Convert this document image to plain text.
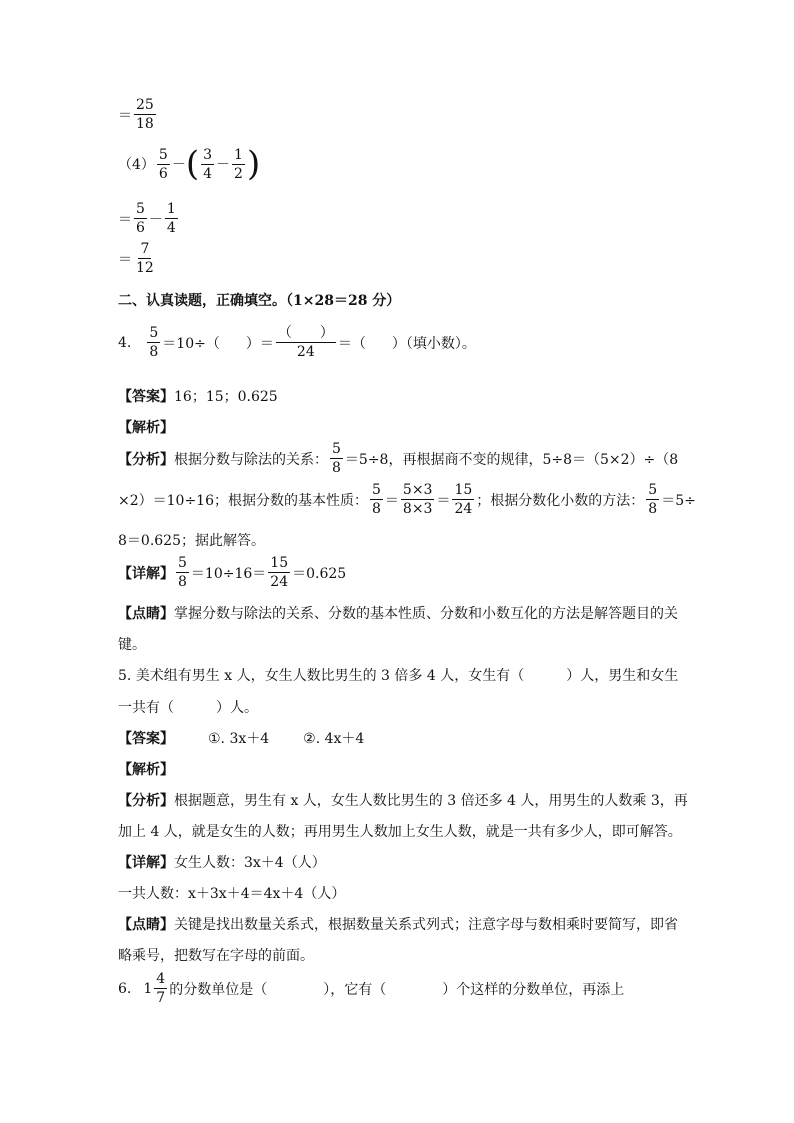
＝ $\frac{25}{18}$
$(4) \frac{5}{6}$ － ( $\frac{3}{4} - \frac{1}{2}$ )
＝ $\frac{5}{6} - \frac{1}{4}$
＝ $\frac{7}{12}$
二、认真读题，正确填空。（1×28＝28 分）
4. $\frac{5}{8} =10\div$（ ）＝ $\frac{( )}{24}$ ＝（ ）（填小数）。
【答案】 16；15；0.625
【解析】
【分析】 根据分数与除法的关系： $\frac{5}{8} =5\div 8$，再根据商不变的规律，5÷8＝（5×2）÷（8
×2）＝10÷16；根据分数的基本性质： $\frac{5}{8} = \frac{5\times 3}{8\times 3} = \frac{15}{24}$ ；根据分数化小数的方法： $\frac{5}{8} =5\div$
8＝0.625；据此解答。
【详解】 $\frac{5}{8} =10\div 16= \frac{15}{24} =0.625$
【点睛】 掌握分数与除法的关系、分数的基本性质、分数和小数互化的方法是解答题目的关
键。
5. 美术组有男生 x 人，女生人数比男生的 3 倍多 4 人，女生有（　　　）人，男生和女生
一共有（　　　）人。
【答案】 ①. 3x＋4 ②. 4x＋4
【解析】
【分析】 根据题意，男生有 x 人，女生人数比男生的 3 倍还多 4 人，用男生的人数乘 3，再
加上 4 人，就是女生的人数；再用男生人数加上女生人数，就是一共有多少人，即可解答。
【详解】 女生人数：3x＋4（人）
一共人数：x＋3x＋4＝4x＋4（人）
【点睛】 关键是找出数量关系式，根据数量关系式列式；注意字母与数相乘时要简写，即省
略乘号，把数写在字母的前面。
6. $1 \frac{4}{7}$ 的分数单位是（　　　　），它有（　　　　）个这样的分数单位，再添上
